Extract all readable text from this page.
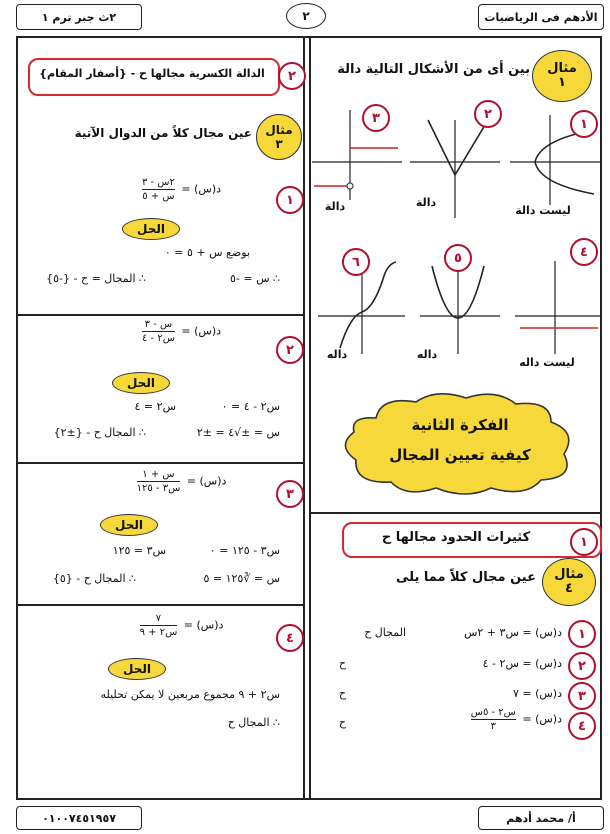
الأدهم فى الرياضيات
٢
٢ث جبر ترم ١
مثال
١
بين أى من الأشكال التالية دالة
١
٢
٣
ليست دالة
دالة
دالة
٤
٥
٦
ليست داله
داله
داله
الفكرة الثانية
كيفية تعيين المجال
١
كثيرات الحدود مجالها ح
مثال
٤
عين مجال كلاً مما يلى
١
د(س) = س٣ + ٢س
المجال ح
٢
د(س) = س٢ - ٤
ح
٣
د(س) = ٧
ح
٤
د(س) =
$\frac{\text{س٢ - ٥س}}{٣}$
ح
٢
الدالة الكسرية مجالها ح - {أصفار المقام}
مثال
٣
عين مجال كلاً من الدوال الآتية
١
د(س) =
$\frac{\text{٢س - ٣}}{\text{س + ٥}}$
الحل
بوضع س + ٥ = ٠
∴ س = -٥
∴ المجال = ح - {-٥}
٢
د(س) =
$\frac{\text{س - ٣}}{\text{س٢ - ٤}}$
الحل
س٢ - ٤ = ٠
س٢ = ٤
س = ±√٤ = ±٢
∴ المجال ح - {±٢}
٣
د(س) =
$\frac{\text{س + ١}}{\text{س٣ - ١٢٥}}$
الحل
س٣ - ١٢٥ = ٠
س٣ = ١٢٥
س = ∛١٢٥ = ٥
∴ المجال ح - {٥}
٤
د(س) =
$\frac{٧}{\text{س٢ + ٩}}$
الحل
س٢ + ٩ مجموع مربعين لا يمكن تحليله
∴ المجال ح
أ/ محمد أدهم
٠١٠٠٧٤٥١٩٥٧
